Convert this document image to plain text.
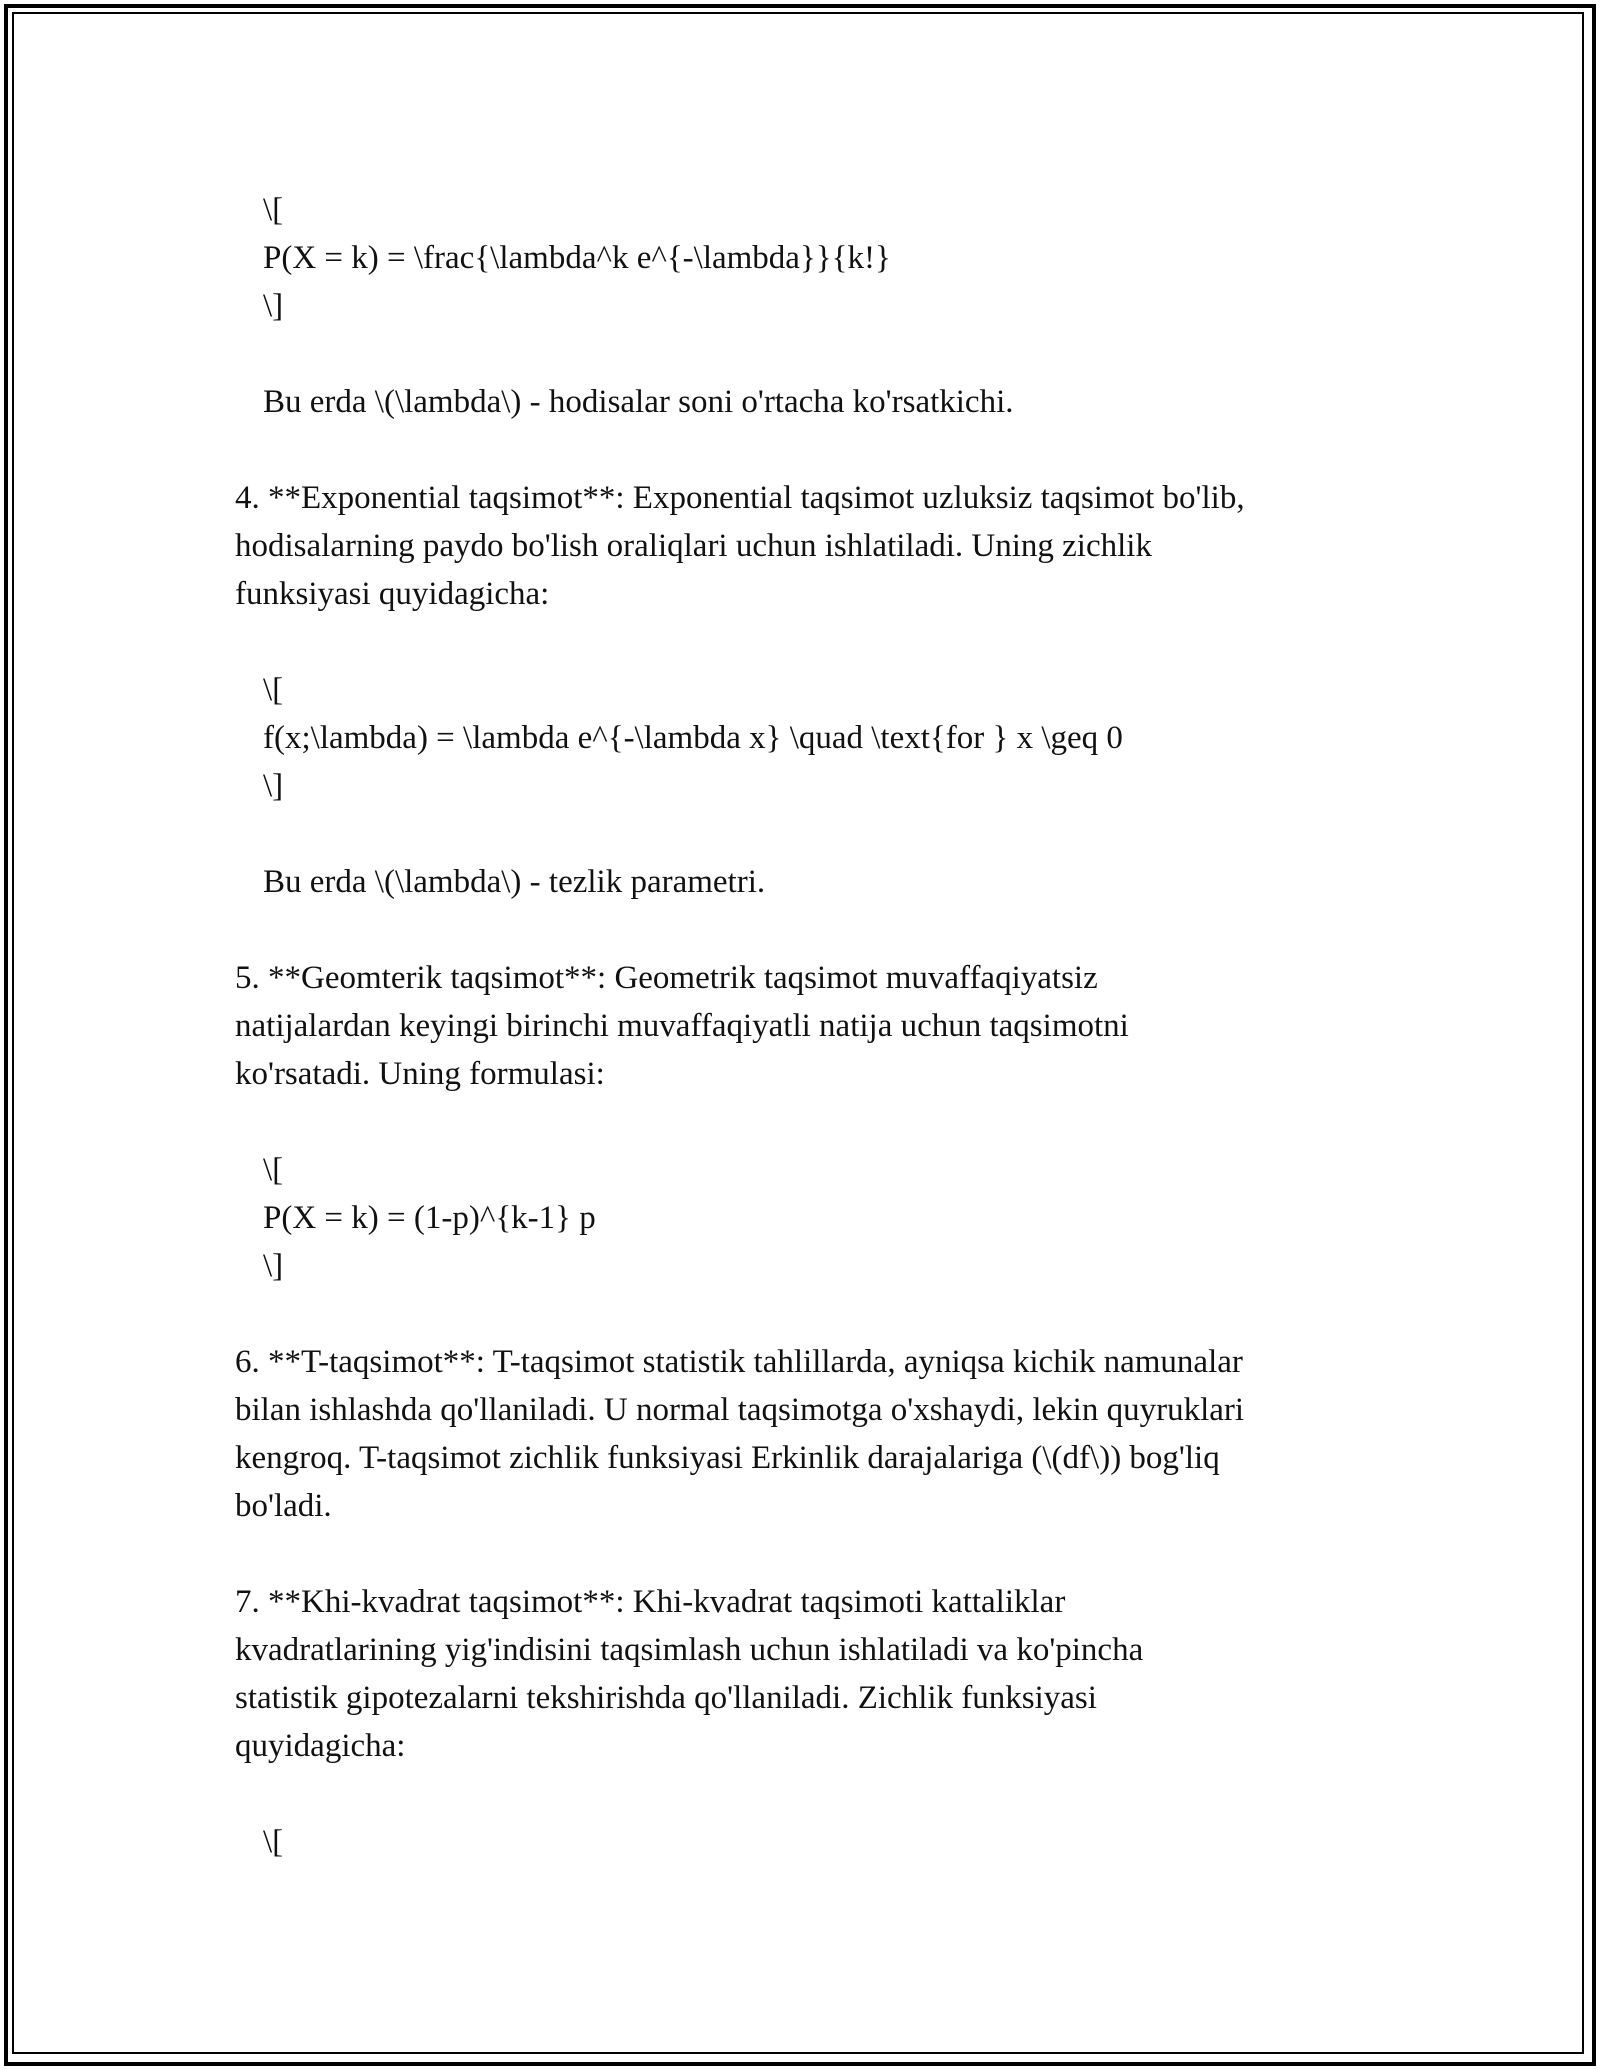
\[
P(X = k) = \frac{\lambda^k e^{-\lambda}}{k!}
\]
Bu erda \(\lambda\) - hodisalar soni o'rtacha ko'rsatkichi.
4. **Exponential taqsimot**: Exponential taqsimot uzluksiz taqsimot bo'lib,
hodisalarning paydo bo'lish oraliqlari uchun ishlatiladi. Uning zichlik
funksiyasi quyidagicha:
\[
f(x;\lambda) = \lambda e^{-\lambda x} \quad \text{for } x \geq 0
\]
Bu erda \(\lambda\) - tezlik parametri.
5. **Geomterik taqsimot**: Geometrik taqsimot muvaffaqiyatsiz
natijalardan keyingi birinchi muvaffaqiyatli natija uchun taqsimotni
ko'rsatadi. Uning formulasi:
\[
P(X = k) = (1-p)^{k-1} p
\]
6. **T-taqsimot**: T-taqsimot statistik tahlillarda, ayniqsa kichik namunalar
bilan ishlashda qo'llaniladi. U normal taqsimotga o'xshaydi, lekin quyruklari
kengroq. T-taqsimot zichlik funksiyasi Erkinlik darajalariga (\(df\)) bog'liq
bo'ladi.
7. **Khi-kvadrat taqsimot**: Khi-kvadrat taqsimoti kattaliklar
kvadratlarining yig'indisini taqsimlash uchun ishlatiladi va ko'pincha
statistik gipotezalarni tekshirishda qo'llaniladi. Zichlik funksiyasi
quyidagicha:
\[
